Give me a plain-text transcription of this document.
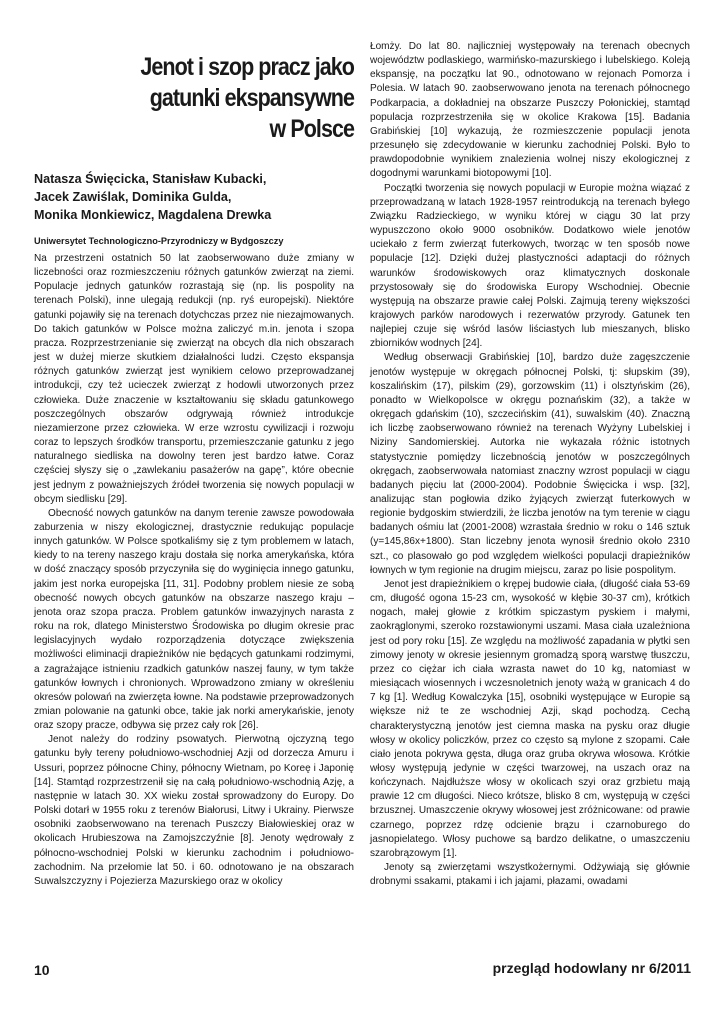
Jenot i szop pracz jako
gatunki ekspansywne
w Polsce
Natasza Święcicka, Stanisław Kubacki,
Jacek Zawiślak, Dominika Gulda,
Monika Monkiewicz, Magdalena Drewka
Uniwersytet Technologiczno-Przyrodniczy w Bydgoszczy

Na przestrzeni ostatnich 50 lat zaobserwowano duże zmiany w liczebności oraz rozmieszczeniu różnych gatunków zwierząt na ziemi. Populacje jednych gatunków rozrastają się (np. lis pospolity na terenach Polski), inne ulegają redukcji (np. ryś europejski). Niektóre gatunki pojawiły się na terenach dotychczas przez nie niezajmowanych. Do takich gatunków w Polsce można zaliczyć m.in. jenota i szopa pracza. Rozprzestrzenianie się zwierząt na obcych dla nich obszarach jest w dużej mierze skutkiem działalności ludzi. Często ekspansja różnych gatunków zwierząt jest wynikiem celowo przeprowadzanej introdukcji, czy też ucieczek zwierząt z hodowli utworzonych przez człowieka. Duże znaczenie w kształtowaniu się składu gatunkowego poszczególnych obszarów odgrywają również introdukcje niezamierzone przez człowieka. W erze wzrostu cywilizacji i rozwoju coraz to lepszych środków transportu, przemieszczanie gatunku z jego naturalnego siedliska na dowolny teren jest bardzo łatwe. Coraz częściej słyszy się o „zawlekaniu pasażerów na gapę”, które obecnie jest jednym z poważniejszych źródeł tworzenia się nowych populacji w obcym siedlisku [29].

Obecność nowych gatunków na danym terenie zawsze powodowała zaburzenia w niszy ekologicznej, drastycznie redukując populacje innych gatunków. W Polsce spotkaliśmy się z tym problemem w latach, kiedy to na tereny naszego kraju dostała się norka amerykańska, która w dość znaczący sposób przyczyniła się do wyginięcia innego gatunku, jakim jest norka europejska [11, 31]. Podobny problem niesie ze sobą obecność nowych obcych gatunków na obszarze naszego kraju – jenota oraz szopa pracza. Problem gatunków inwazyjnych narasta z roku na rok, dlatego Ministerstwo Środowiska po długim okresie prac legislacyjnych wydało rozporządzenia dotyczące zwiększenia możliwości eliminacji drapieżników nie będących gatunkami rodzimymi, a zagrażające istnieniu rzadkich gatunków naszej fauny, w tym także gatunków łownych i chronionych. Wprowadzono zmiany w określeniu okresów polowań na zwierzęta łowne. Na podstawie przeprowadzonych zmian polowanie na gatunki obce, takie jak norki amerykańskie, jenoty oraz szopy pracze, odbywa się przez cały rok [26].

Jenot należy do rodziny psowatych. Pierwotną ojczyzną tego gatunku były tereny południowo-wschodniej Azji od dorzecza Amuru i Ussuri, poprzez północne Chiny, północny Wietnam, po Koreę i Japonię [14]. Stamtąd rozprzestrzenił się na całą południowo-wschodnią Azję, a następnie w latach 30. XX wieku został sprowadzony do Europy. Do Polski dotarł w 1955 roku z terenów Białorusi, Litwy i Ukrainy. Pierwsze osobniki zaobserwowano na terenach Puszczy Białowieskiej oraz w okolicach Hrubieszowa na Zamojszczyźnie [8]. Jenoty wędrowały z północno-wschodniej Polski w kierunku zachodnim i południowo-zachodnim. Na przełomie lat 50. i 60. odnotowano je na obszarach Suwalszczyzny i Pojezierza Mazurskiego oraz w okolicy

Łomży. Do lat 80. najliczniej występowały na terenach obecnych województw podlaskiego, warmińsko-mazurskiego i lubelskiego. Koleją ekspansję, na początku lat 90., odnotowano w rejonach Pomorza i Polesia. W latach 90. zaobserwowano jenota na terenach północnego Podkarpacia, a dokładniej na obszarze Puszczy Połonickiej, stamtąd populacja rozprzestrzeniła się w okolice Krakowa [15]. Badania Grabińskiej [10] wykazują, że rozmieszczenie populacji jenota przesunęło się zdecydowanie w kierunku zachodniej Polski. Było to prawdopodobnie wynikiem znalezienia wolnej niszy ekologicznej z dogodnymi warunkami biotopowymi [10].

Początki tworzenia się nowych populacji w Europie można wiązać z przeprowadzaną w latach 1928-1957 reintrodukcją na terenach byłego Związku Radzieckiego, w wyniku której w ciągu 30 lat przy wypuszczono około 9000 osobników. Dodatkowo wiele jenotów uciekało z ferm zwierząt futerkowych, tworząc w ten sposób nowe populacje [12]. Dzięki dużej plastyczności adaptacji do różnych warunków środowiskowych oraz klimatycznych doskonale przystosowały się do środowiska Europy Wschodniej. Obecnie występują na obszarze prawie całej Polski. Zajmują tereny większości krajowych parków narodowych i rezerwatów przyrody. Gatunek ten najlepiej czuje się wśród lasów liściastych lub mieszanych, blisko zbiorników wodnych [24].

Według obserwacji Grabińskiej [10], bardzo duże zagęszczenie jenotów występuje w okręgach północnej Polski, tj: słupskim (39), koszalińskim (17), pilskim (29), gorzowskim (11) i olsztyńskim (26), ponadto w Wielkopolsce w okręgu poznańskim (32), a także w okręgach gdańskim (10), szczecińskim (41), suwalskim (40). Znaczną ich liczbę zaobserwowano również na terenach Wyżyny Lubelskiej i Niziny Sandomierskiej. Autorka nie wykazała różnic istotnych statystycznie pomiędzy liczebnością jenotów w poszczególnych okręgach, zaobserwowała natomiast znaczny wzrost populacji w ciągu badanych pięciu lat (2000-2004). Podobnie Święcicka i wsp. [32], analizując stan pogłowia dziko żyjących zwierząt futerkowych w regionie bydgoskim stwierdzili, że liczba jenotów na tym terenie w ciągu badanych ośmiu lat (2001-2008) wzrastała średnio w roku o 146 sztuk (y=145,86x+1800). Stan liczebny jenota wynosił średnio około 2310 szt., co plasowało go pod względem wielkości populacji drapieżników łownych w tym regionie na drugim miejscu, zaraz po lisie pospolitym.

Jenot jest drapieżnikiem o krępej budowie ciała, (długość ciała 53-69 cm, długość ogona 15-23 cm, wysokość w kłębie 30-37 cm), krótkich nogach, małej głowie z krótkim spiczastym pyskiem i małymi, zaokrąglonymi, szeroko rozstawionymi uszami. Masa ciała uzależniona jest od pory roku [15]. Ze względu na możliwość zapadania w płytki sen zimowy jenoty w okresie jesiennym gromadzą sporą warstwę tłuszczu, przez co ciężar ich ciała wzrasta nawet do 10 kg, natomiast w miesiącach wiosennych i wczesnoletnich jenoty ważą w granicach 4 do 7 kg [1]. Według Kowalczyka [15], osobniki występujące w Europie są większe niż te ze wschodniej Azji, skąd pochodzą. Cechą charakterystyczną jenotów jest ciemna maska na pysku oraz długie włosy w okolicy policzków, przez co często są mylone z szopami. Całe ciało jenota pokrywa gęsta, długa oraz gruba okrywa włosowa. Krótkie włosy występują jedynie w części twarzowej, na uszach oraz na kończynach. Najdłuższe włosy w okolicach szyi oraz grzbietu mają prawie 12 cm długości. Nieco krótsze, blisko 8 cm, występują w części brzusznej. Umaszczenie okrywy włosowej jest zróżnicowane: od prawie czarnego, poprzez rdzę odcienie brązu i czarnoburego do jasnopielatego. Włosy puchowe są bardzo delikatne, o umaszczeniu szarobrązowym [1].

Jenoty są zwierzętami wszystkożernymi. Odżywiają się głównie drobnymi ssakami, ptakami i ich jajami, płazami, owadami

10	przegląd hodowlany nr 6/2011
